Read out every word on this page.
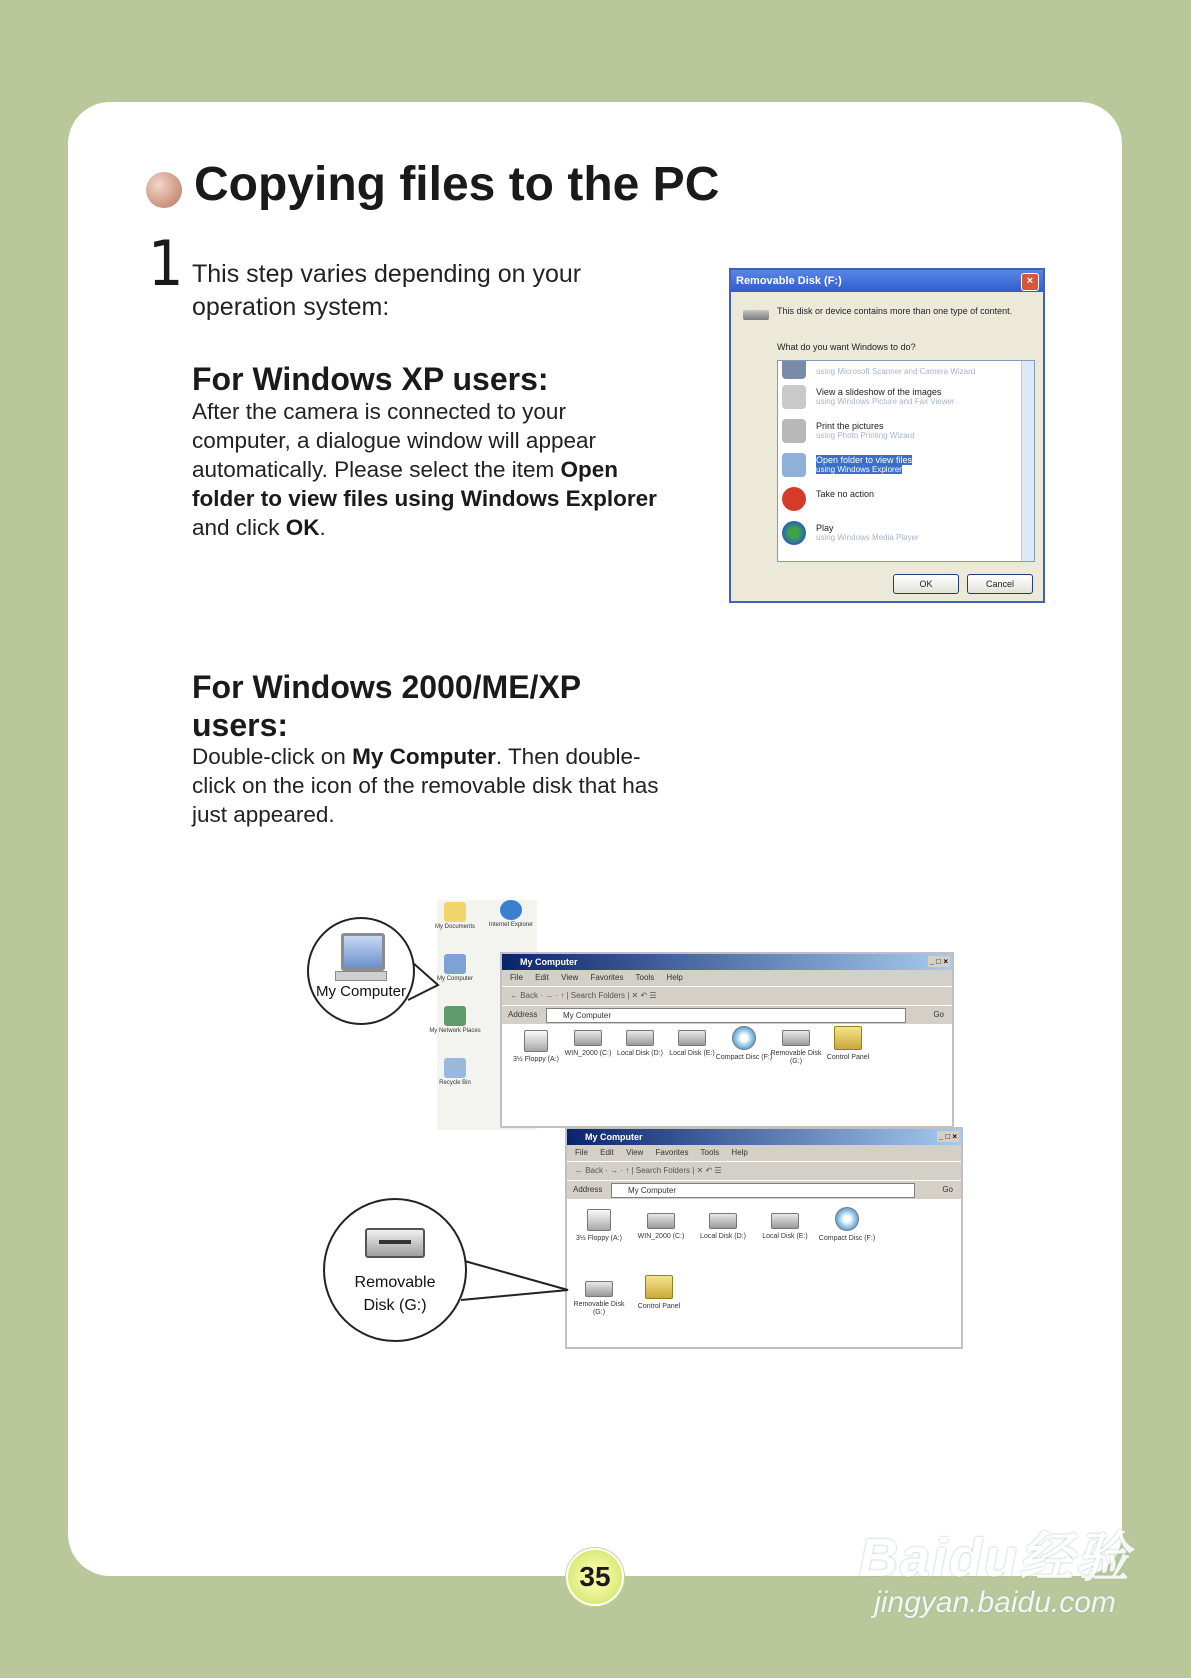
Copying files to the PC
1 This step varies depending on your operation system:
For Windows XP users:
After the camera is connected to your computer, a dialogue window will appear automatically. Please select the item Open folder to view files using Windows Explorer and click OK.
Removable Disk (F:)	×
This disk or device contains more than one type of content.
What do you want Windows to do?
using Microsoft Scanner and Camera Wizard
View a slideshow of the images
using Windows Picture and Fax Viewer
Print the pictures
using Photo Printing Wizard
Open folder to view files
using Windows Explorer
Take no action
Play
using Windows Media Player
OK	Cancel
For Windows 2000/ME/XP users:
Double-click on My Computer. Then double-click on the icon of the removable disk that has just appeared.
My Documents	Internet Explorer
My Computer
My Network Places
Recycle Bin
My Computer	_ □ ×
File Edit View Favorites Tools Help
← Back · → · ↑ | Search Folders | ✕ ↶ ☰
Address	My Computer	Go
3½ Floppy (A:)
WIN_2000 (C:) Local Disk (D:) Local Disk (E:)
Compact Disc (F:)
Removable Disk (G:)
Control Panel
My Computer	_ □ ×
File Edit View Favorites Tools Help
← Back · → · ↑ | Search Folders | ✕ ↶ ☰
Address	My Computer	Go
3½ Floppy (A:)	WIN_2000 (C:)	Local Disk (D:)	Local Disk (E:)	Compact Disc (F:)
Removable Disk (G:)
Control Panel
My Computer
Removable
Disk (G:)
35	Baidu经验
jingyan.baidu.com
